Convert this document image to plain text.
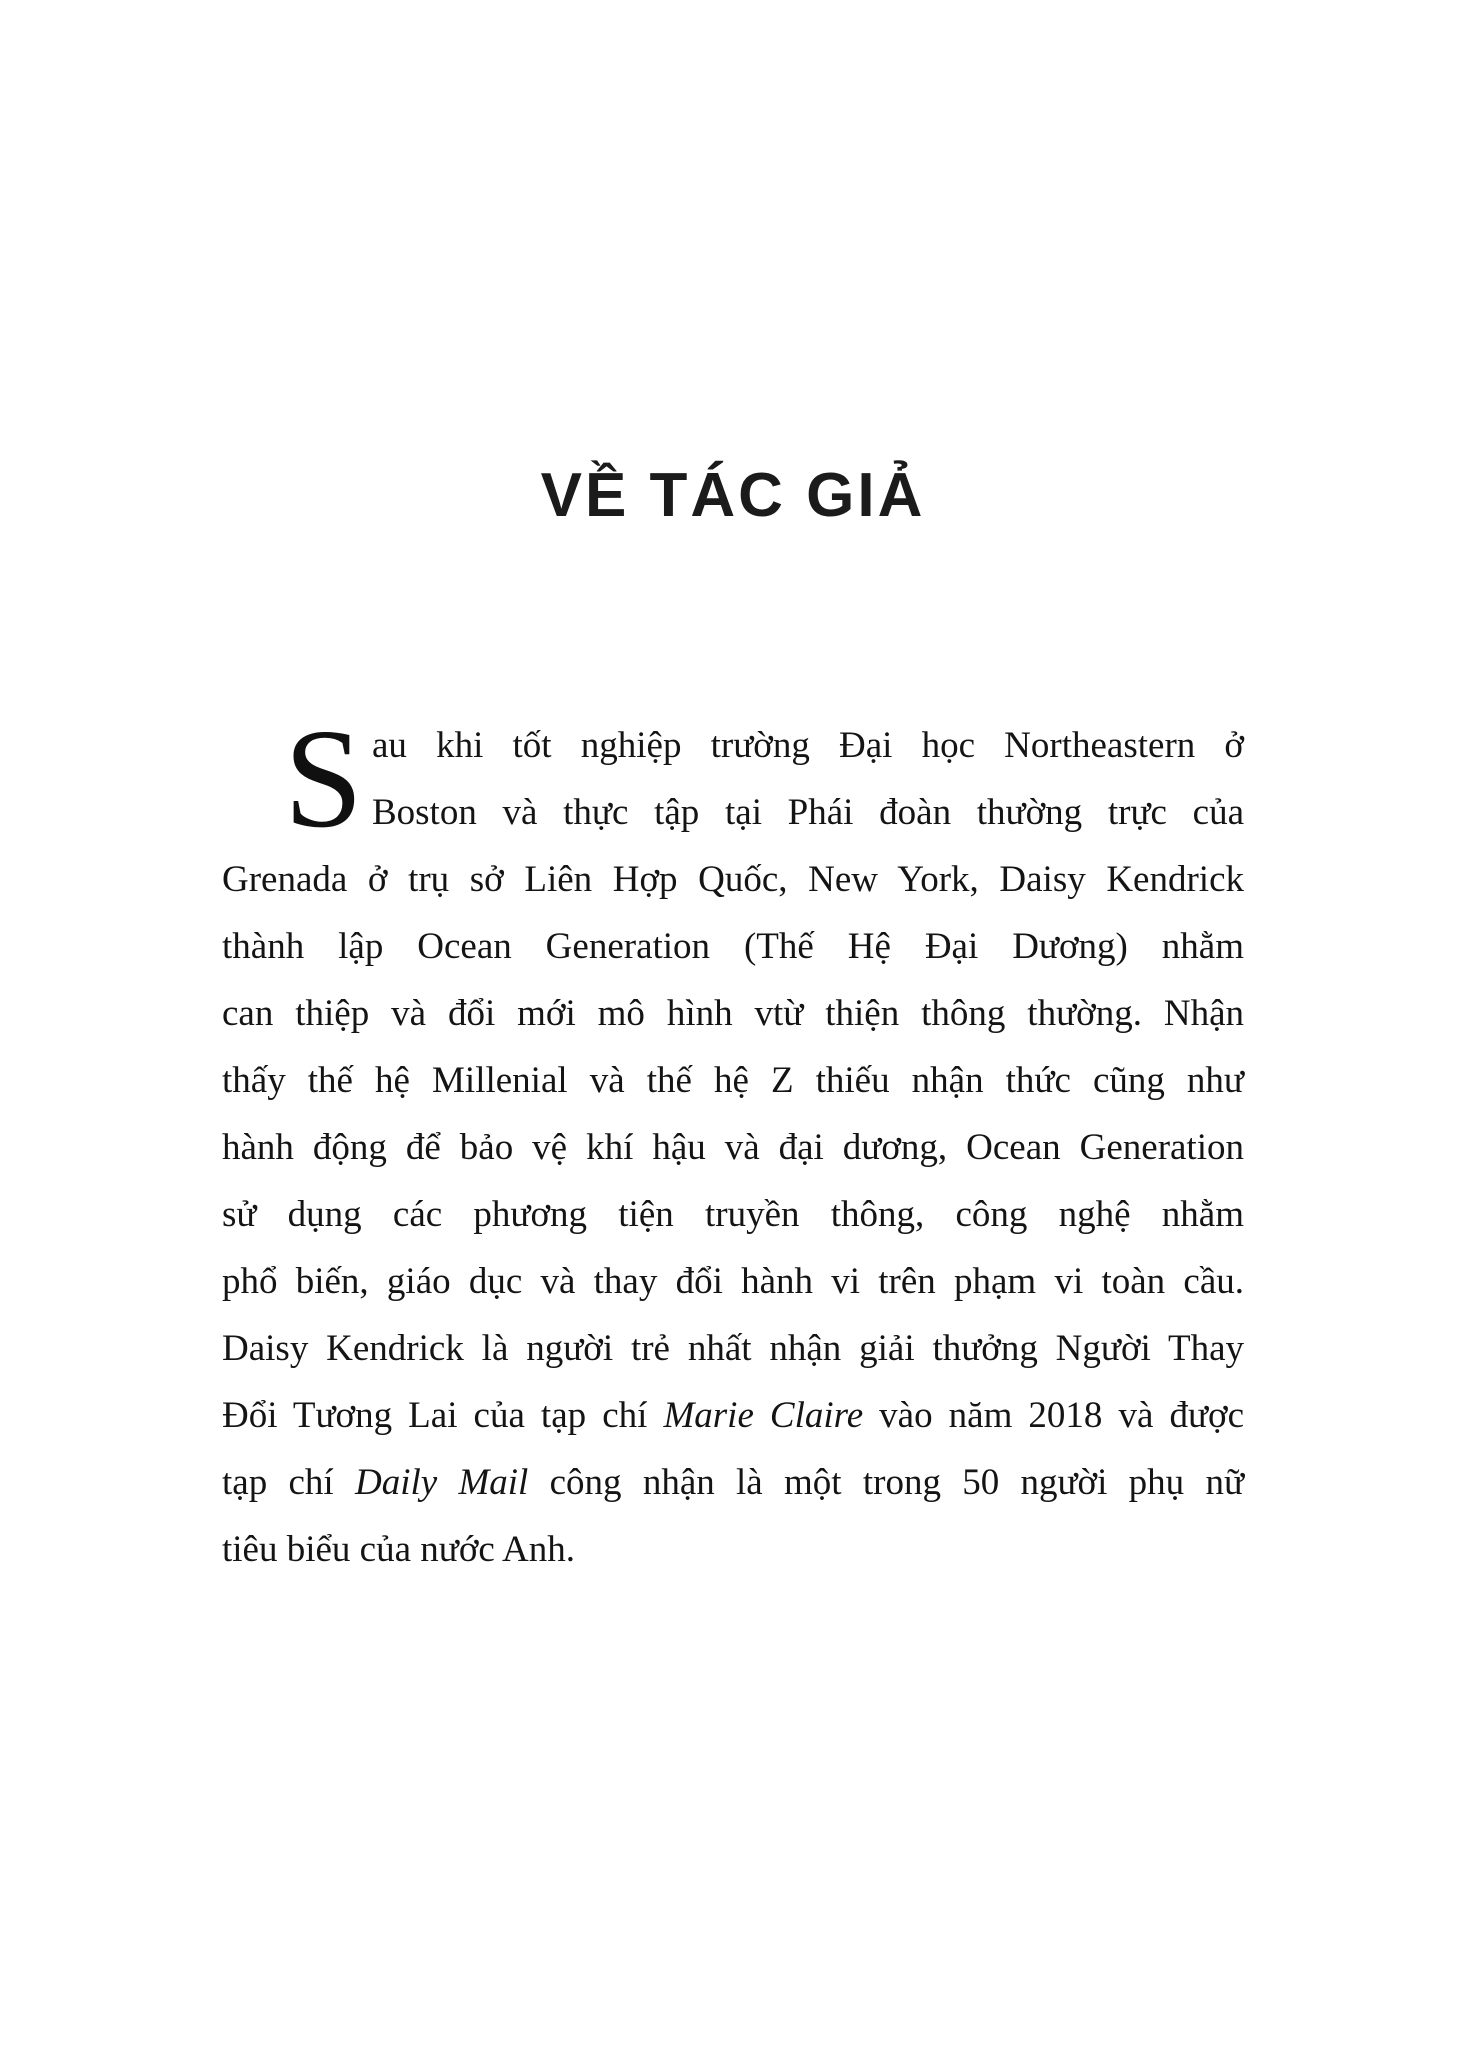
VỀ TÁC GIẢ
S au khi tốt nghiệp trường Đại học Northeastern ở
Boston và thực tập tại Phái đoàn thường trực của
Grenada ở trụ sở Liên Hợp Quốc, New York, Daisy Kendrick
thành lập Ocean Generation (Thế Hệ Đại Dương) nhằm
can thiệp và đổi mới mô hình vtừ thiện thông thường. Nhận
thấy thế hệ Millenial và thế hệ Z thiếu nhận thức cũng như
hành động để bảo vệ khí hậu và đại dương, Ocean Generation
sử dụng các phương tiện truyền thông, công nghệ nhằm
phổ biến, giáo dục và thay đổi hành vi trên phạm vi toàn cầu.
Daisy Kendrick là người trẻ nhất nhận giải thưởng Người Thay
Đổi Tương Lai của tạp chí Marie Claire vào năm 2018 và được
tạp chí Daily Mail công nhận là một trong 50 người phụ nữ
tiêu biểu của nước Anh.
